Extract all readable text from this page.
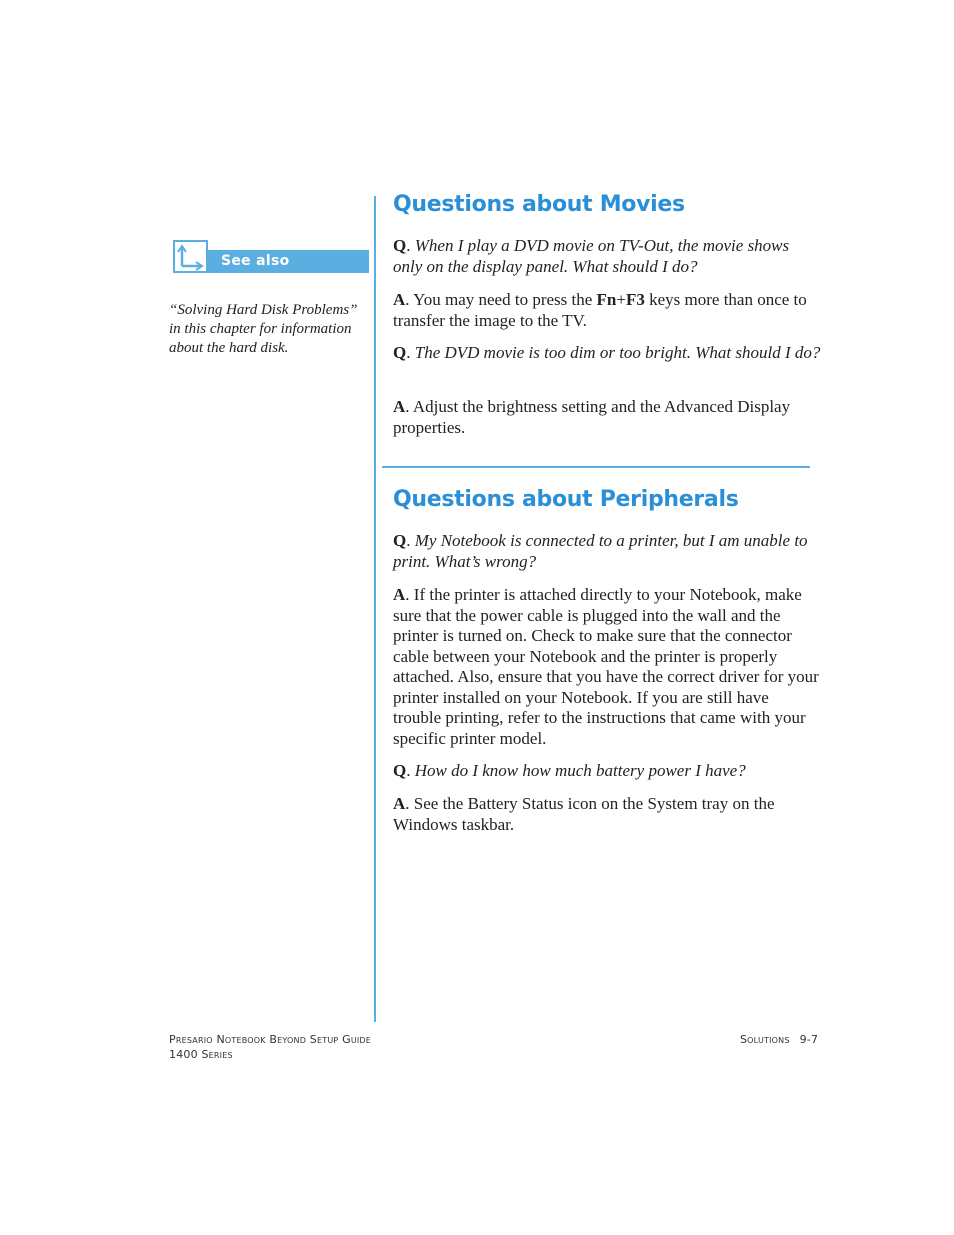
See also

“Solving Hard Disk Problems” in this chapter for information about the hard disk.

Questions about Movies

Q. When I play a DVD movie on TV-Out, the movie shows only on the display panel. What should I do?

A. You may need to press the Fn+F3 keys more than once to transfer the image to the TV.

Q. The DVD movie is too dim or too bright. What should I do?

A. Adjust the brightness setting and the Advanced Display properties.

Questions about Peripherals

Q. My Notebook is connected to a printer, but I am unable to print. What’s wrong?

A. If the printer is attached directly to your Notebook, make sure that the power cable is plugged into the wall and the printer is turned on. Check to make sure that the connector cable between your Notebook and the printer is properly attached. Also, ensure that you have the correct driver for your printer installed on your Notebook. If you are still have trouble printing, refer to the instructions that came with your specific printer model.

Q. How do I know how much battery power I have?

A. See the Battery Status icon on the System tray on the Windows taskbar.

Presario Notebook Beyond Setup Guide
1400 Series
Solutions 9-7
